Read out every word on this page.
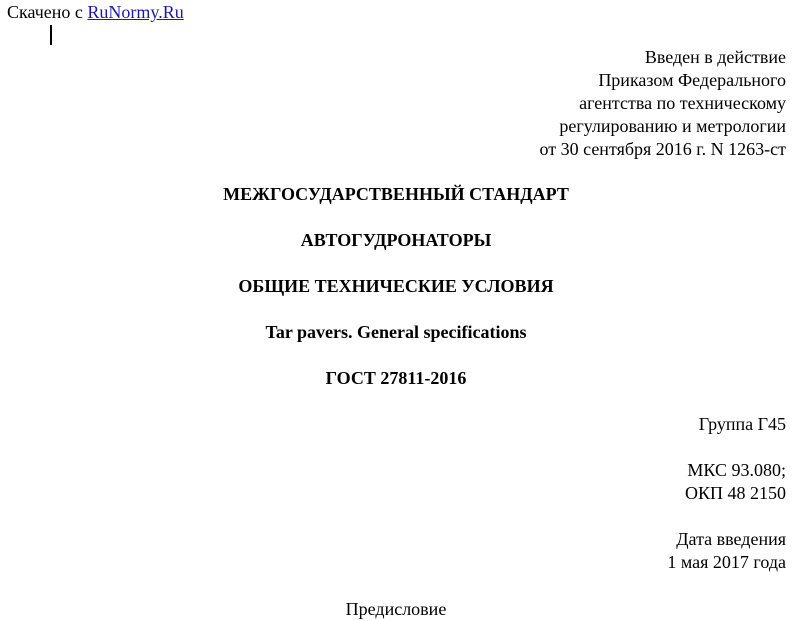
Скачено с RuNormy.Ru
Введен в действие
Приказом Федерального
агентства по техническому
регулированию и метрологии
от 30 сентября 2016 г. N 1263-ст
МЕЖГОСУДАРСТВЕННЫЙ СТАНДАРТ
АВТОГУДРОНАТОРЫ
ОБЩИЕ ТЕХНИЧЕСКИЕ УСЛОВИЯ
Tar pavers. General specifications
ГОСТ 27811-2016
Группа Г45
МКС 93.080;
ОКП 48 2150
Дата введения
1 мая 2017 года
Предисловие
